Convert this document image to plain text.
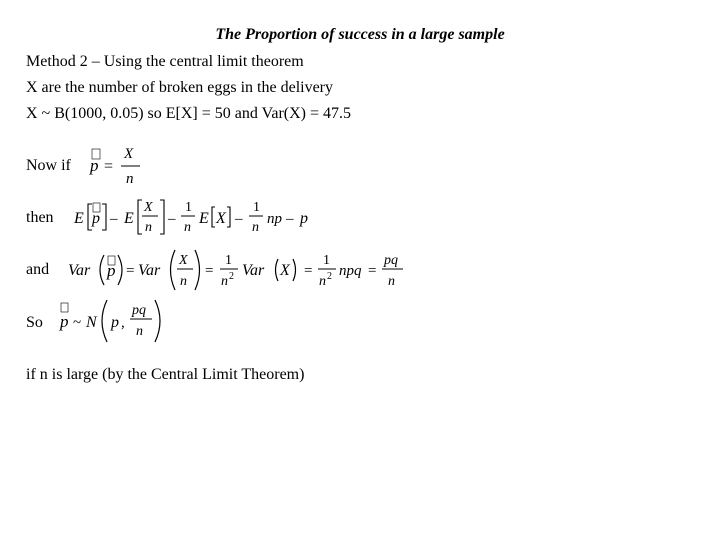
The Proportion of success in a large sample
Method 2 – Using the central limit theorem
X are the number of broken eggs in the delivery
X ~ B(1000, 0.05) so E[X] = 50 and Var(X) = 47.5
Now if p =
X
n
then E p – E
X
n
–
1
n
E X –
1
n
np – p
and Var p = Var
X
n
=
1
n 2 Var X =
1
n 2 npq =
pq
n
So p ~ N p ,
pq
n
if n is large (by the Central Limit Theorem)
